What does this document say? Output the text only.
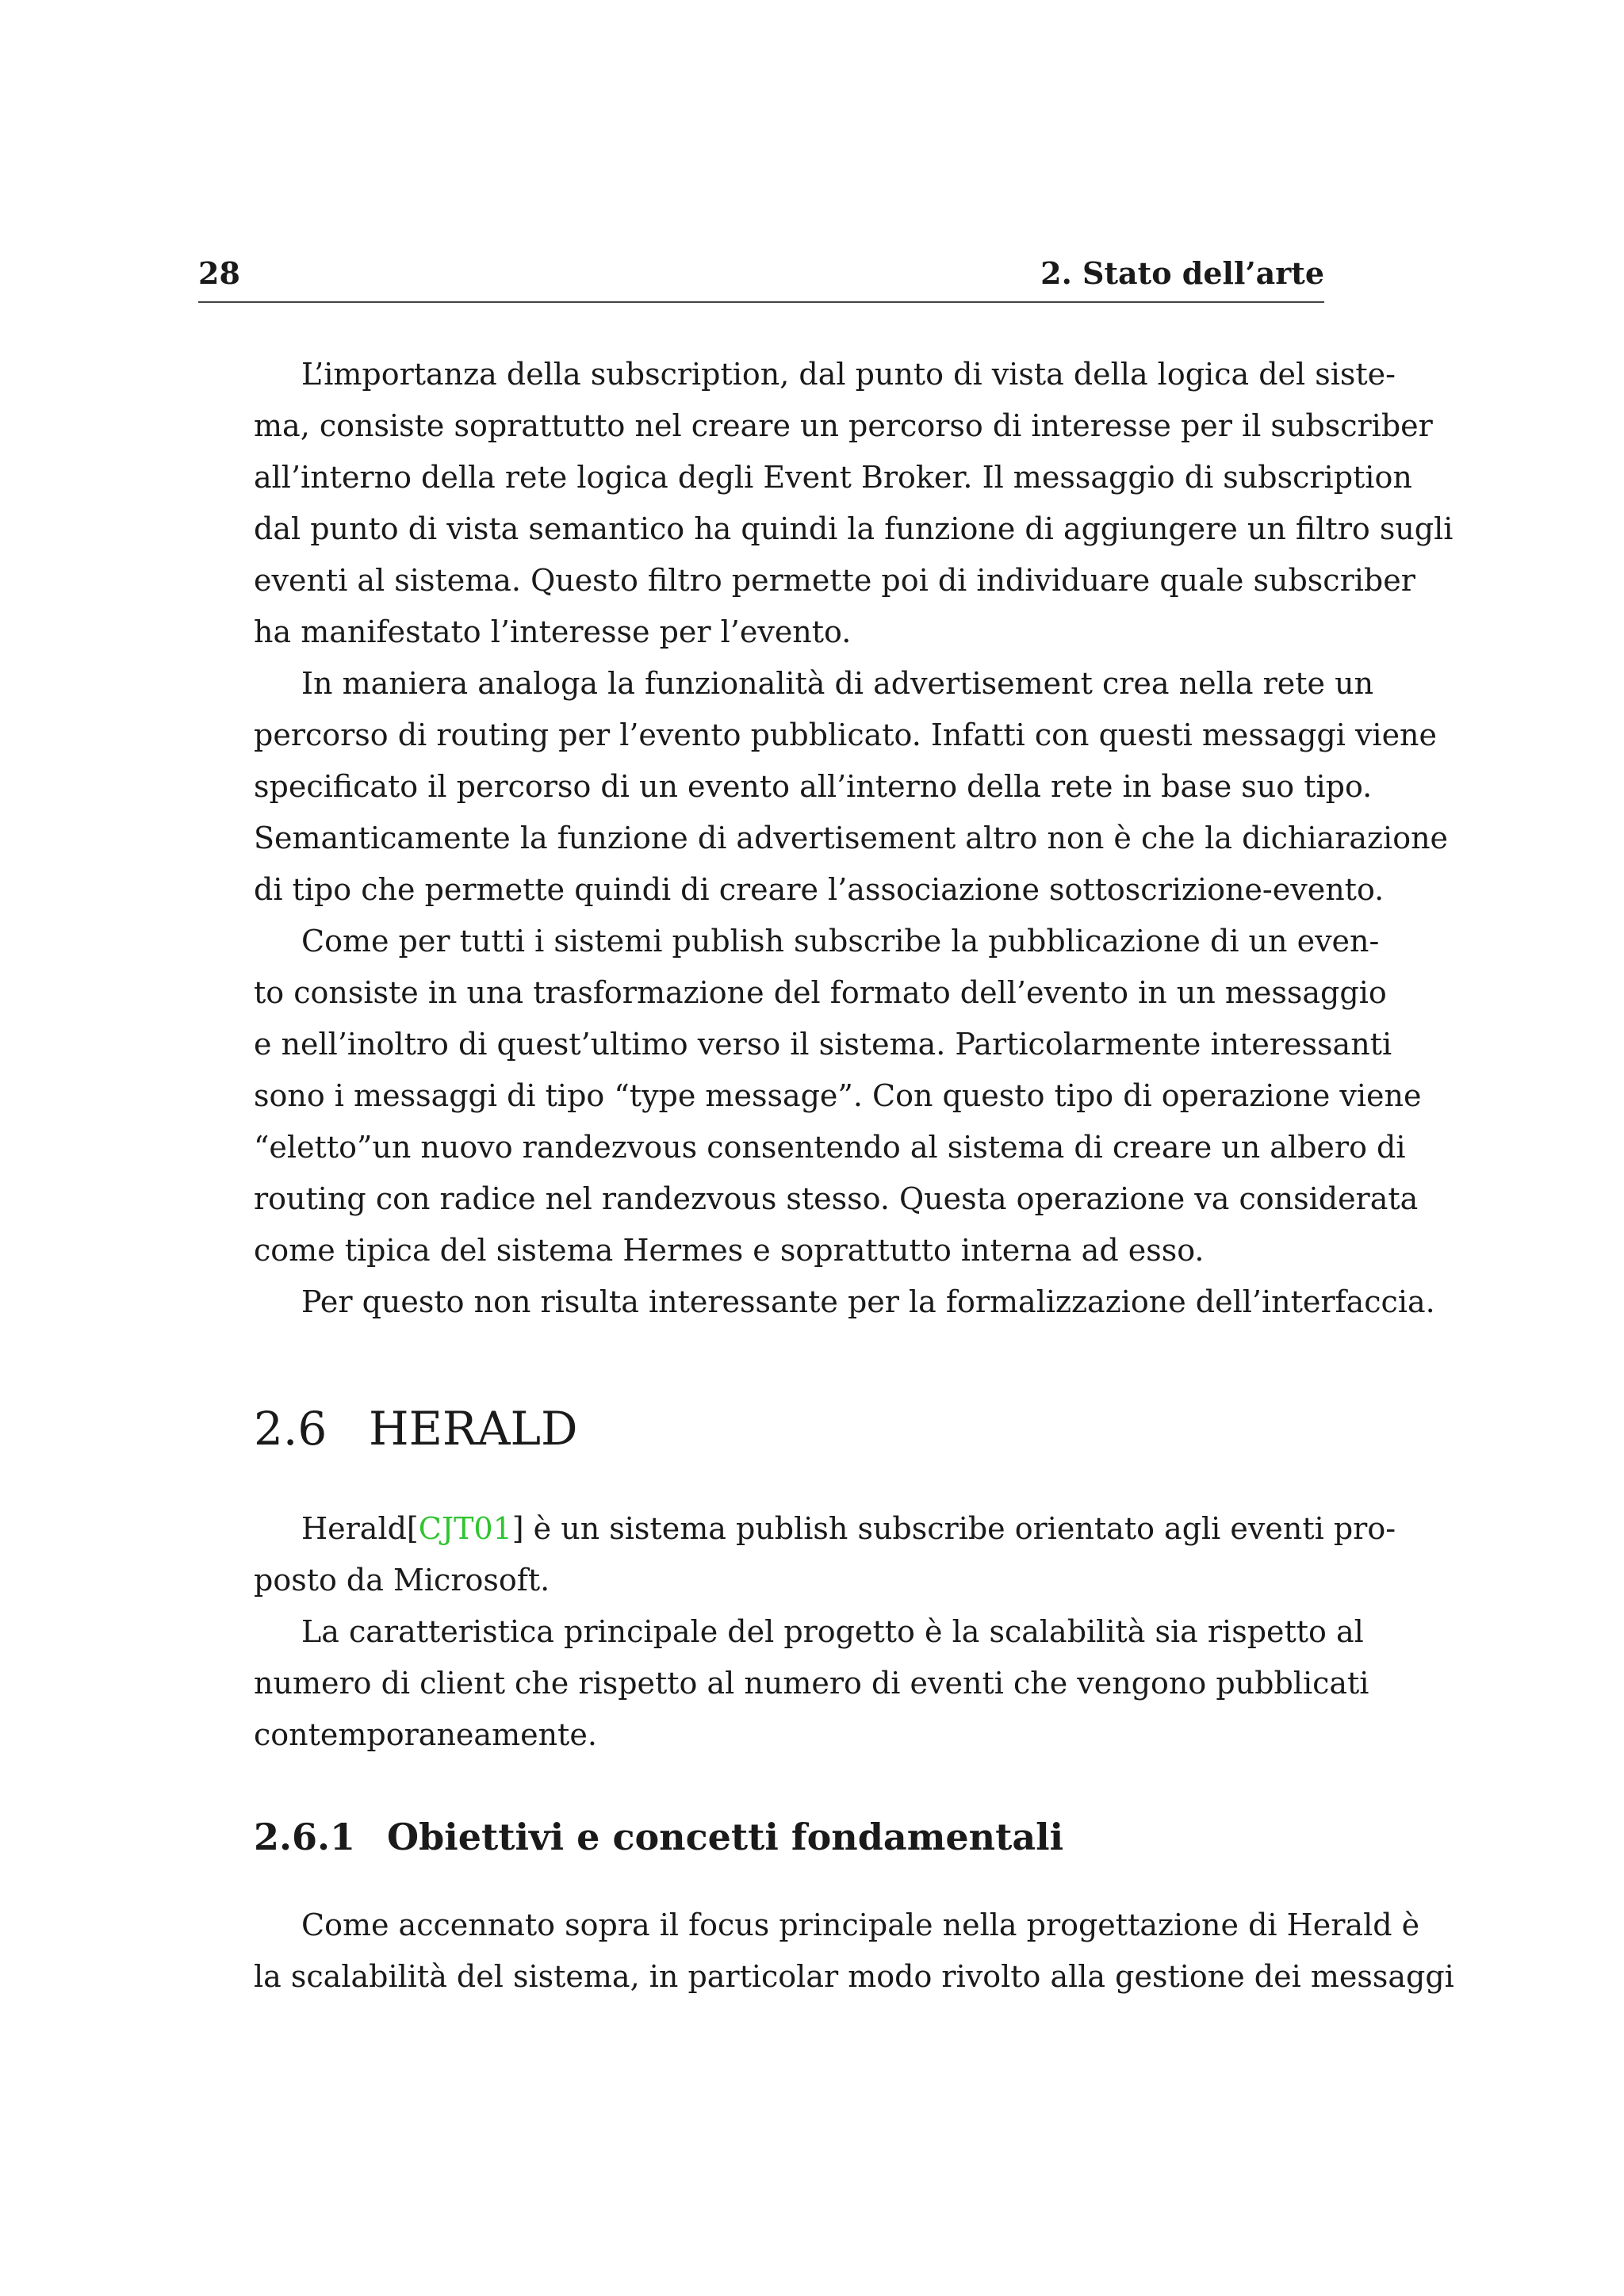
28	2. Stato dell’arte

L’importanza della subscription, dal punto di vista della logica del siste-
ma, consiste soprattutto nel creare un percorso di interesse per il subscriber
all’interno della rete logica degli Event Broker. Il messaggio di subscription
dal punto di vista semantico ha quindi la funzione di aggiungere un filtro sugli
eventi al sistema. Questo filtro permette poi di individuare quale subscriber
ha manifestato l’interesse per l’evento.

In maniera analoga la funzionalità di advertisement crea nella rete un
percorso di routing per l’evento pubblicato. Infatti con questi messaggi viene
specificato il percorso di un evento all’interno della rete in base suo tipo.
Semanticamente la funzione di advertisement altro non è che la dichiarazione
di tipo che permette quindi di creare l’associazione sottoscrizione-evento.

Come per tutti i sistemi publish subscribe la pubblicazione di un even-
to consiste in una trasformazione del formato dell’evento in un messaggio
e nell’inoltro di quest’ultimo verso il sistema. Particolarmente interessanti
sono i messaggi di tipo “type message”. Con questo tipo di operazione viene
“eletto”un nuovo randezvous consentendo al sistema di creare un albero di
routing con radice nel randezvous stesso. Questa operazione va considerata
come tipica del sistema Hermes e soprattutto interna ad esso.

Per questo non risulta interessante per la formalizzazione dell’interfaccia.

2.6 HERALD

Herald[CJT01] è un sistema publish subscribe orientato agli eventi pro-
posto da Microsoft.

La caratteristica principale del progetto è la scalabilità sia rispetto al
numero di client che rispetto al numero di eventi che vengono pubblicati
contemporaneamente.

2.6.1 Obiettivi e concetti fondamentali

Come accennato sopra il focus principale nella progettazione di Herald è
la scalabilità del sistema, in particolar modo rivolto alla gestione dei messaggi
